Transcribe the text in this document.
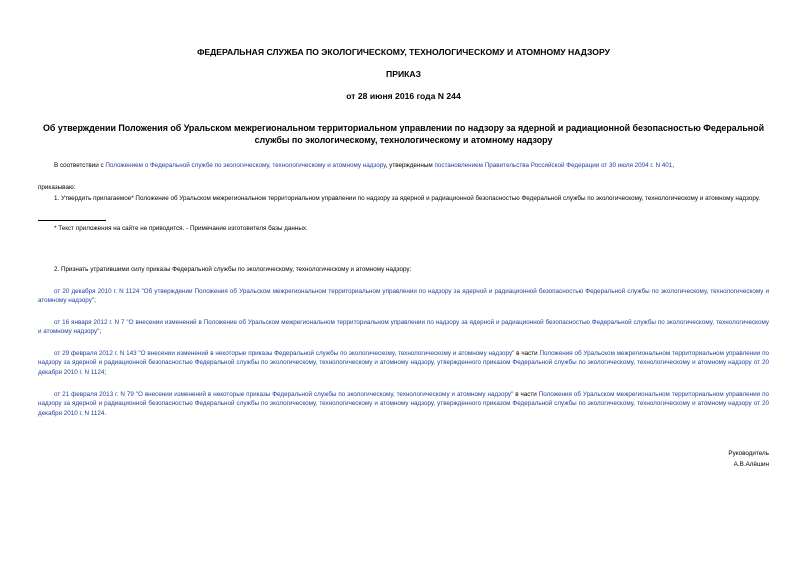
ФЕДЕРАЛЬНАЯ СЛУЖБА ПО ЭКОЛОГИЧЕСКОМУ, ТЕХНОЛОГИЧЕСКОМУ И АТОМНОМУ НАДЗОРУ
ПРИКАЗ
от 28 июня 2016 года N 244
Об утверждении Положения об Уральском межрегиональном территориальном управлении по надзору за ядерной и радиационной безопасностью Федеральной службы по экологическому, технологическому и атомному надзору
В соответствии с Положением о Федеральной службе по экологическому, технологическому и атомному надзору, утвержденным постановлением Правительства Российской Федерации от 30 июля 2004 г. N 401,
приказываю:
1. Утвердить прилагаемое* Положение об Уральском межрегиональном территориальном управлении по надзору за ядерной и радиационной безопасностью Федеральной службы по экологическому, технологическому и атомному надзору.
* Текст приложения на сайте не приводится. - Примечание изготовителя базы данных.
2. Признать утратившими силу приказы Федеральной службы по экологическому, технологическому и атомному надзору:
от 20 декабря 2010 г. N 1124 "Об утверждении Положения об Уральском межрегиональном территориальном управлении по надзору за ядерной и радиационной безопасностью Федеральной службы по экологическому, технологическому и атомному надзору";
от 16 января 2012 г. N 7 "О внесении изменений в Положение об Уральском межрегиональном территориальном управлении по надзору за ядерной и радиационной безопасностью Федеральной службы по экологическому, технологическому и атомному надзору";
от 29 февраля 2012 г. N 143 "О внесении изменений в некоторые приказы Федеральной службы по экологическому, технологическому и атомному надзору" в части Положения об Уральском межрегиональном территориальном управлении по надзору за ядерной и радиационной безопасностью Федеральной службы по экологическому, технологическому и атомному надзору, утвержденного приказом Федеральной службы по экологическому, технологическому и атомному надзору от 20 декабря 2010 г. N 1124;
от 21 февраля 2013 г. N 79 "О внесении изменений в некоторые приказы Федеральной службы по экологическому, технологическому и атомному надзору" в части Положения об Уральском межрегиональном территориальном управлении по надзору за ядерной и радиационной безопасностью Федеральной службы по экологическому, технологическому и атомному надзору, утвержденного приказом Федеральной службы по экологическому, технологическому и атомному надзору от 20 декабря 2010 г. N 1124.
Руководитель
А.В.Алёшин
